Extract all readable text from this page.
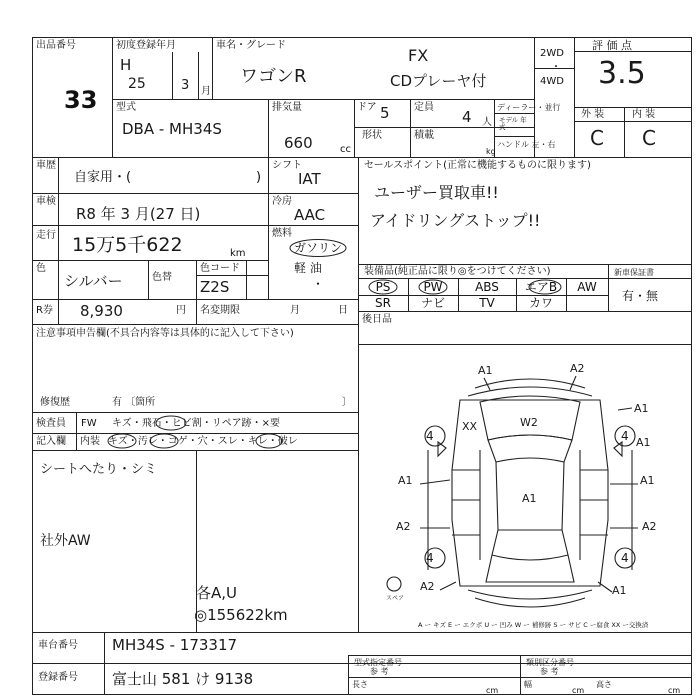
出品番号
33
初度登録年月
H
25	3 月
車名・グレード
ワゴンR
FX
CDプレーヤ付
2WD
・
4WD
評 価 点
3.5
型式
DBA - MH34S
排気量
660	cc
ドア 5 定員
4 人
形状	積載
kg
ディーラー・並行
モデル 年式
ハンドル 左・右
外 装	内 装
C C
車歴
自家用・(	)
車検
R8 年 3 月(27 日)
走行 15万5千622	km
色
シルバー	色替
色コード
Z2S
R券 8,930	円 名変期限	月	日
シフト
IAT
冷房
AAC
燃料
ガソリン
軽 油
・
セールスポイント(正常に機能するものに限ります)
ユーザー買取車!!
アイドリングストップ!!
装備品(純正品に限り◎をつけてください)	新車保証書
有・無
PS	PW	ABS	エアB	AW
SR	ナビ	TV	カワ
後日品
注意事項申告欄(不具合内容等は具体的に記入して下さい)
修復歴	有 〔箇所	〕
検査員
記入欄
FW キズ・飛石・ヒビ割・リペア跡・×要
内装 キズ・汚レ・コゲ・穴・スレ・キレ・破レ
シートへたり・シミ
社外AW
各A,U
◎155622km
A1	A2
A1
XX	W2
A1
A1
A1
A1
A2	A2
A2	A1
4	4
4	4
スペア
A ー キズ E ー エクボ U ー 凹み W ー 補修跡 S ー サビ C ー腐食 XX ー交換済
車台番号 MH34S - 173317
登録番号 富士山 581 け 9138
型式指定番号
参 考
類別区分番号
参 考
長さ
cm
幅
cm
高さ
cm
